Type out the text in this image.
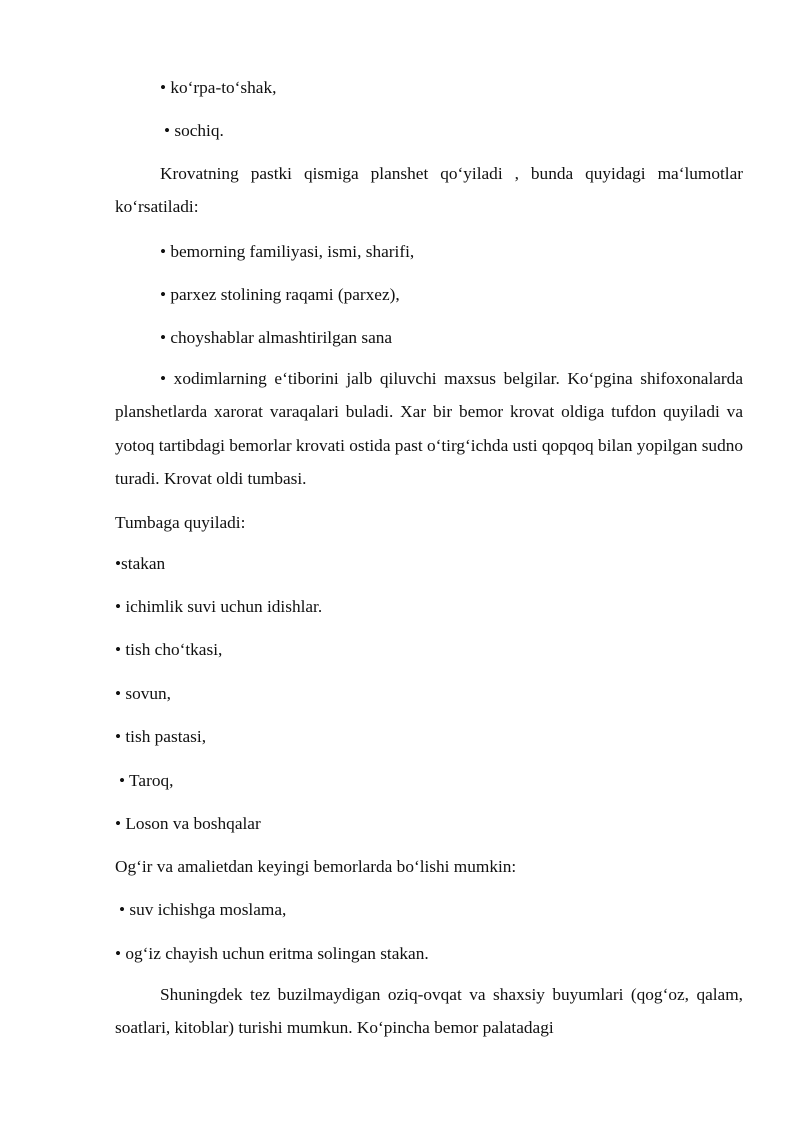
• ko‘rpa-to‘shak,
• sochiq.
Krovatning pastki qismiga planshet qo‘yiladi , bunda quyidagi ma‘lumotlar ko‘rsatiladi:
• bemorning familiyasi, ismi, sharifi,
• parxez stolining raqami (parxez),
• choyshablar almashtirilgan sana
• xodimlarning e‘tiborini jalb qiluvchi maxsus belgilar. Ko‘pgina shifoxonalarda planshetlarda xarorat varaqalari buladi. Xar bir bemor krovat oldiga tufdon quyiladi va yotoq tartibdagi bemorlar krovati ostida past o‘tirg‘ichda usti qopqoq bilan yopilgan sudno turadi. Krovat oldi tumbasi.
Tumbaga quyiladi:
•stakan
• ichimlik suvi uchun idishlar.
• tish cho‘tkasi,
• sovun,
• tish pastasi,
• Taroq,
• Loson va boshqalar
Og‘ir va amalietdan keyingi bemorlarda bo‘lishi mumkin:
• suv ichishga moslama,
• og‘iz chayish uchun eritma solingan stakan.
Shuningdek tez buzilmaydigan oziq-ovqat va shaxsiy buyumlari (qog‘oz, qalam, soatlari, kitoblar) turishi mumkun. Ko‘pincha bemor palatadagi
